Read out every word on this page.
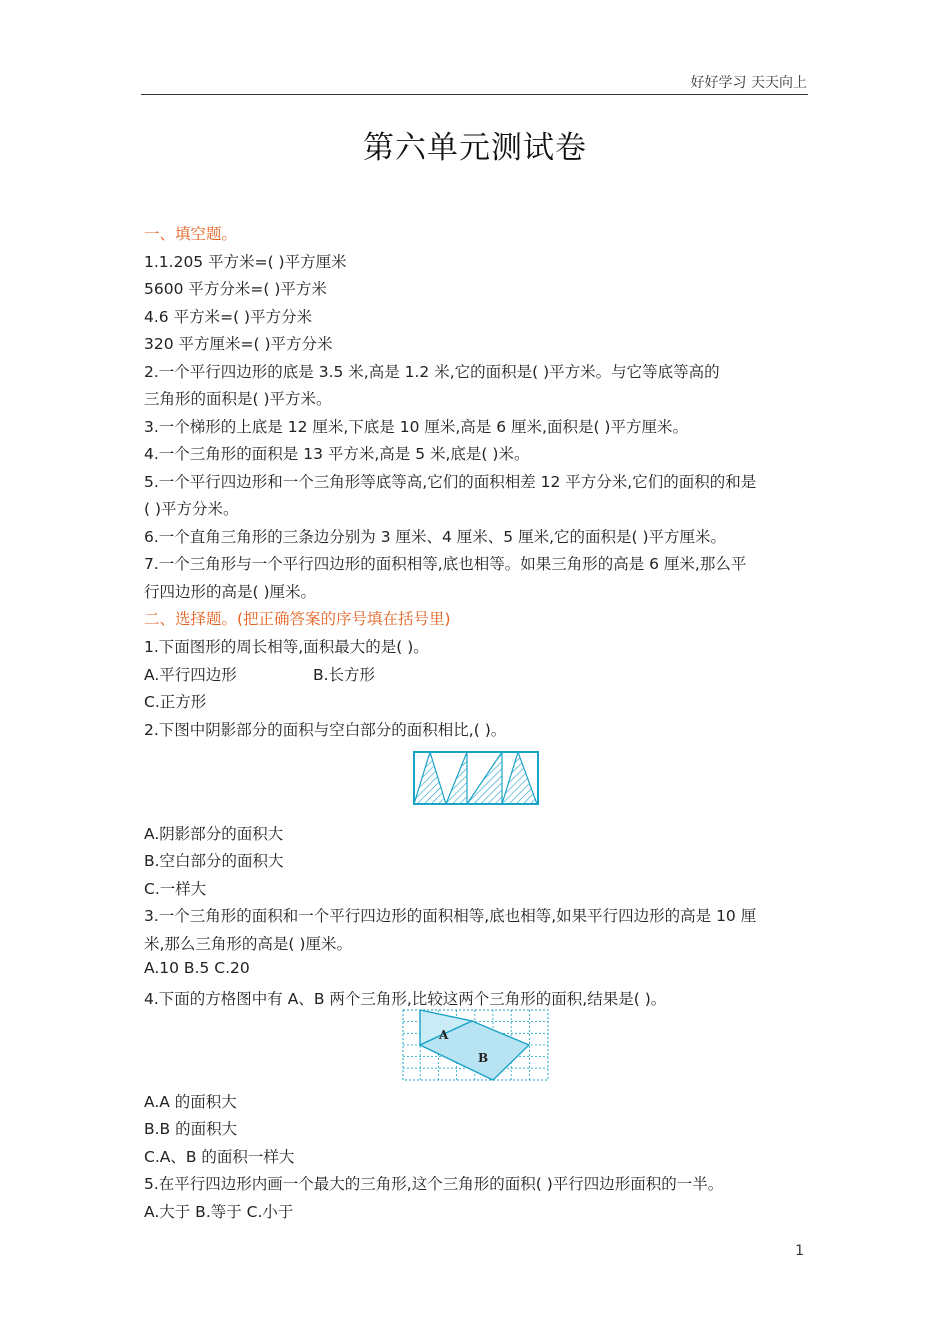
好好学习 天天向上
第六单元测试卷
一、填空题。
1.1.205 平方米=( )平方厘米
5600 平方分米=( )平方米
4.6 平方米=( )平方分米
320 平方厘米=( )平方分米
2.一个平行四边形的底是 3.5 米,高是 1.2 米,它的面积是( )平方米。与它等底等高的
三角形的面积是( )平方米。
3.一个梯形的上底是 12 厘米,下底是 10 厘米,高是 6 厘米,面积是( )平方厘米。
4.一个三角形的面积是 13 平方米,高是 5 米,底是( )米。
5.一个平行四边形和一个三角形等底等高,它们的面积相差 12 平方分米,它们的面积的和是
( )平方分米。
6.一个直角三角形的三条边分别为 3 厘米、4 厘米、5 厘米,它的面积是( )平方厘米。
7.一个三角形与一个平行四边形的面积相等,底也相等。如果三角形的高是 6 厘米,那么平
行四边形的高是( )厘米。
二、选择题。(把正确答案的序号填在括号里)
1.下面图形的周长相等,面积最大的是( )。
A.平行四边形	B.长方形
C.正方形
2.下图中阴影部分的面积与空白部分的面积相比,( )。
A.阴影部分的面积大
B.空白部分的面积大
C.一样大
3.一个三角形的面积和一个平行四边形的面积相等,底也相等,如果平行四边形的高是 10 厘
米,那么三角形的高是( )厘米。
A.10 B.5 C.20
4.下面的方格图中有 A、B 两个三角形,比较这两个三角形的面积,结果是( )。
A
B
A.A 的面积大
B.B 的面积大
C.A、B 的面积一样大
5.在平行四边形内画一个最大的三角形,这个三角形的面积( )平行四边形面积的一半。
A.大于 B.等于 C.小于
1
